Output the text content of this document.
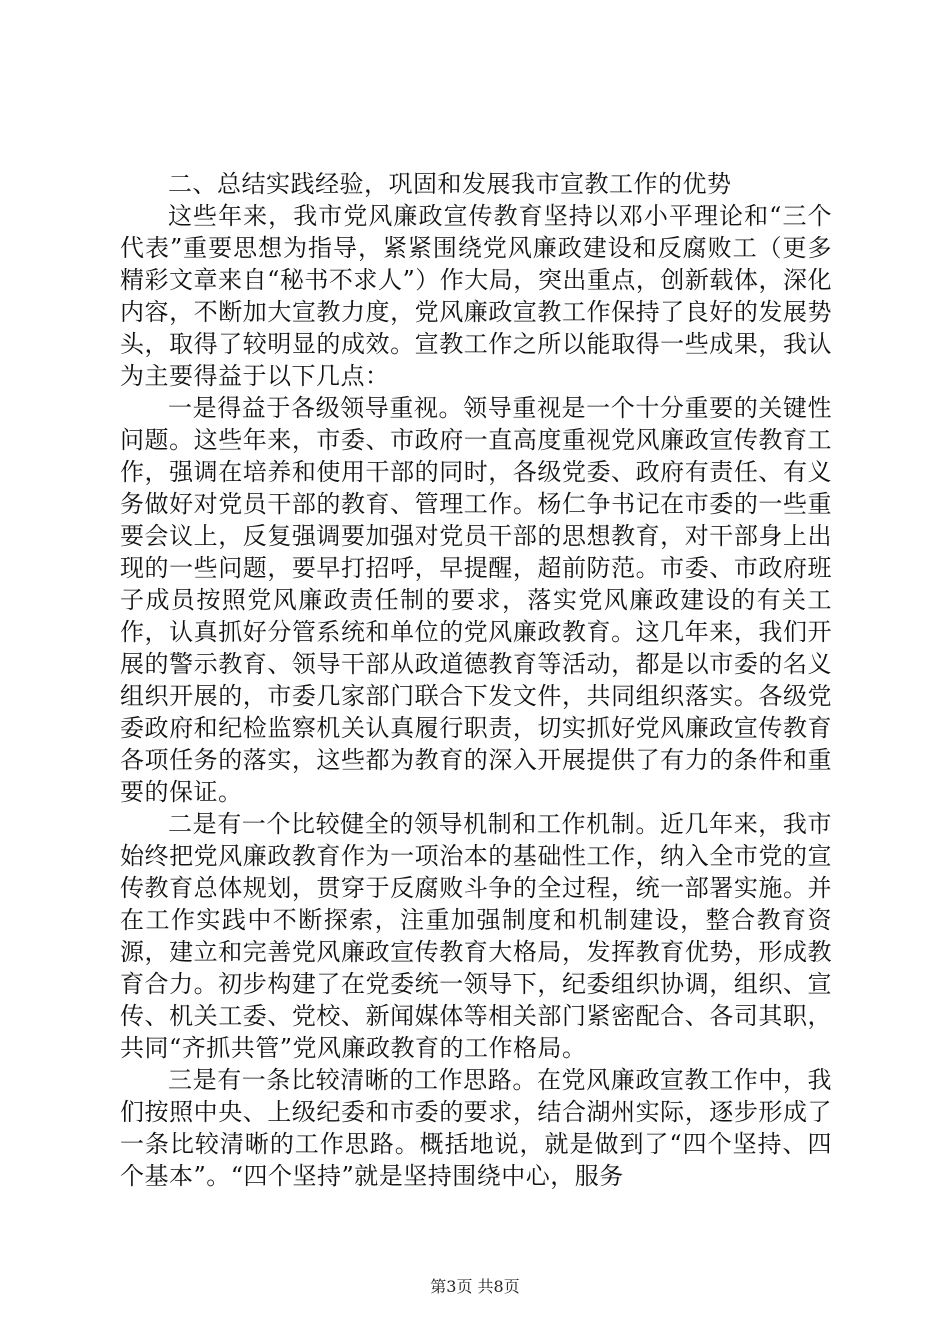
二、总结实践经验，巩固和发展我市宣教工作的优势

这些年来，我市党风廉政宣传教育坚持以邓小平理论和“三个代表”重要思想为指导，紧紧围绕党风廉政建设和反腐败工（更多精彩文章来自“秘书不求人”）作大局，突出重点，创新载体，深化内容，不断加大宣教力度，党风廉政宣教工作保持了良好的发展势头，取得了较明显的成效。宣教工作之所以能取得一些成果，我认为主要得益于以下几点：

一是得益于各级领导重视。领导重视是一个十分重要的关键性问题。这些年来，市委、市政府一直高度重视党风廉政宣传教育工作，强调在培养和使用干部的同时，各级党委、政府有责任、有义务做好对党员干部的教育、管理工作。杨仁争书记在市委的一些重要会议上，反复强调要加强对党员干部的思想教育，对干部身上出现的一些问题，要早打招呼，早提醒，超前防范。市委、市政府班子成员按照党风廉政责任制的要求，落实党风廉政建设的有关工作，认真抓好分管系统和单位的党风廉政教育。这几年来，我们开展的警示教育、领导干部从政道德教育等活动，都是以市委的名义组织开展的，市委几家部门联合下发文件，共同组织落实。各级党委政府和纪检监察机关认真履行职责，切实抓好党风廉政宣传教育各项任务的落实，这些都为教育的深入开展提供了有力的条件和重要的保证。

二是有一个比较健全的领导机制和工作机制。近几年来，我市始终把党风廉政教育作为一项治本的基础性工作，纳入全市党的宣传教育总体规划，贯穿于反腐败斗争的全过程，统一部署实施。并在工作实践中不断探索，注重加强制度和机制建设，整合教育资源，建立和完善党风廉政宣传教育大格局，发挥教育优势，形成教育合力。初步构建了在党委统一领导下，纪委组织协调，组织、宣传、机关工委、党校、新闻媒体等相关部门紧密配合、各司其职，共同“齐抓共管”党风廉政教育的工作格局。

三是有一条比较清晰的工作思路。在党风廉政宣教工作中，我们按照中央、上级纪委和市委的要求，结合湖州实际，逐步形成了一条比较清晰的工作思路。概括地说，就是做到了“四个坚持、四个基本”。“四个坚持”就是坚持围绕中心，服务

第3页 共8页
